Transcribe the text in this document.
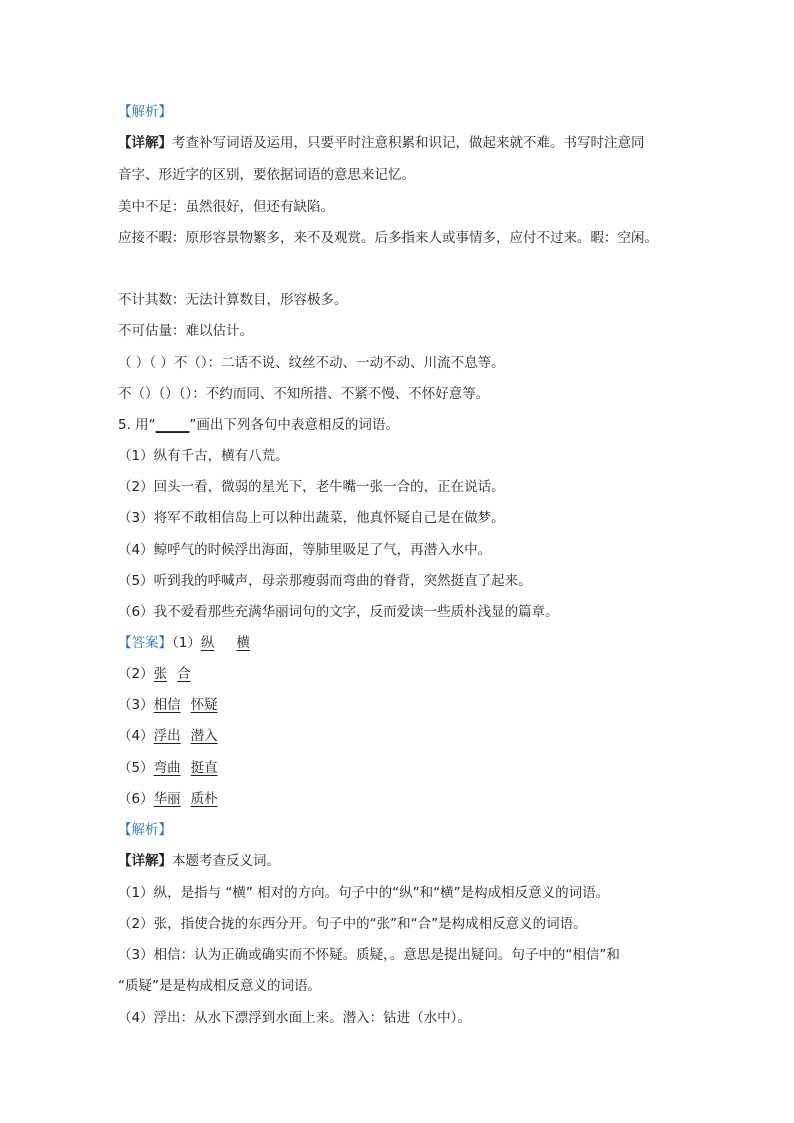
【解析】
【详解】考查补写词语及运用，只要平时注意积累和识记，做起来就不难。书写时注意同
音字、形近字的区别，要依据词语的意思来记忆。
美中不足：虽然很好，但还有缺陷。
应接不暇：原形容景物繁多，来不及观赏。后多指来人或事情多，应付不过来。暇：空闲。
不计其数：无法计算数目，形容极多。
不可估量：难以估计。
（ ）（ ）不（）：二话不说、纹丝不动、一动不动、川流不息等。
不（）（）（）：不约而同、不知所措、不紧不慢、不怀好意等。
5. 用“_____”画出下列各句中表意相反的词语。
（1）纵有千古，横有八荒。
（2）回头一看，微弱的星光下，老牛嘴一张一合的，正在说话。
（3）将军不敢相信岛上可以种出蔬菜，他真怀疑自己是在做梦。
（4）鲸呼气的时候浮出海面，等肺里吸足了气，再潜入水中。
（5）听到我的呼喊声，母亲那瘦弱而弯曲的脊背，突然挺直了起来。
（6）我不爱看那些充满华丽词句的文字，反而爱读一些质朴浅显的篇章。
【答案】（1）纵 横
（2）张 合
（3）相信 怀疑
（4）浮出 潜入
（5）弯曲 挺直
（6）华丽 质朴
【解析】
【详解】本题考查反义词。
（1）纵，是指与 “横” 相对的方向。句子中的“纵”和“横”是构成相反意义的词语。
（2）张，指使合拢的东西分开。句子中的“张”和“合”是构成相反意义的词语。
（3）相信：认为正确或确实而不怀疑。质疑，。意思是提出疑问。句子中的“相信”和
“质疑”是是构成相反意义的词语。
（4）浮出：从水下漂浮到水面上来。潜入：钻进（水中）。
